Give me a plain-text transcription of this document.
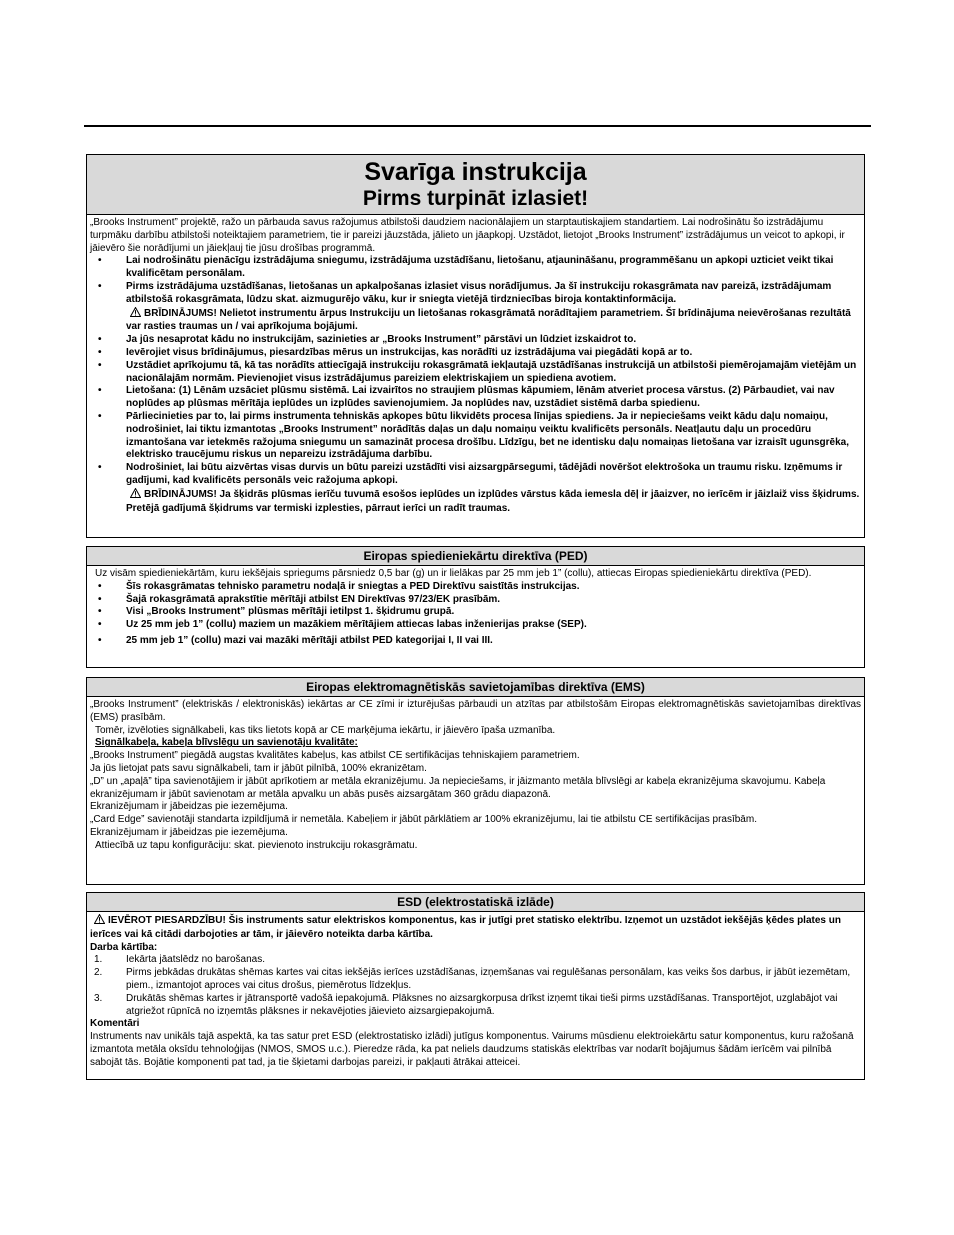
Svarīga instrukcija
Pirms turpināt izlasiet!

„Brooks Instrument” projektē, ražo un pārbauda savus ražojumus atbilstoši daudziem nacionālajiem un starptautiskajiem standartiem. Lai nodrošinātu šo izstrādājumu turpmāku darbību atbilstoši noteiktajiem parametriem, tie ir pareizi jāuzstāda, jālieto un jāapkopj. Uzstādot, lietojot „Brooks Instrument” izstrādājumus un veicot to apkopi, ir jāievēro šie norādījumi un jāiekļauj tie jūsu drošības programmā.

• Lai nodrošinātu pienācīgu izstrādājuma sniegumu, izstrādājuma uzstādīšanu, lietošanu, atjaunināšanu, programmēšanu un apkopi uzticiet veikt tikai kvalificētam personālam.
• Pirms izstrādājuma uzstādīšanas, lietošanas un apkalpošanas izlasiet visus norādījumus. Ja šī instrukciju rokasgrāmata nav pareizā, izstrādājumam atbilstošā rokasgrāmata, lūdzu skat. aizmugurējo vāku, kur ir sniegta vietējā tirdzniecības biroja kontaktinformācija.
BRĪDINĀJUMS! Nelietot instrumentu ārpus Instrukciju un lietošanas rokasgrāmatā norādītajiem parametriem. Šī brīdinājuma neievērošanas rezultātā var rasties traumas un / vai aprīkojuma bojājumi.
• Ja jūs nesaprotat kādu no instrukcijām, sazinieties ar „Brooks Instrument” pārstāvi un lūdziet izskaidrot to.
• Ievērojiet visus brīdinājumus, piesardzības mērus un instrukcijas, kas norādīti uz izstrādājuma vai piegādāti kopā ar to.
• Uzstādiet aprīkojumu tā, kā tas norādīts attiecīgajā instrukciju rokasgrāmatā iekļautajā uzstādīšanas instrukcijā un atbilstoši piemērojamajām vietējām un nacionālajām normām. Pievienojiet visus izstrādājumus pareiziem elektriskajiem un spiediena avotiem.
• Lietošana: (1) Lēnām uzsāciet plūsmu sistēmā. Lai izvairītos no straujiem plūsmas kāpumiem, lēnām atveriet procesa vārstus. (2) Pārbaudiet, vai nav noplūdes ap plūsmas mērītāja ieplūdes un izplūdes savienojumiem. Ja noplūdes nav, uzstādiet sistēmā darba spiedienu.
• Pārliecinieties par to, lai pirms instrumenta tehniskās apkopes būtu likvidēts procesa līnijas spiediens. Ja ir nepieciešams veikt kādu daļu nomaiņu, nodrošiniet, lai tiktu izmantotas „Brooks Instrument” norādītās daļas un daļu nomaiņu veiktu kvalificēts personāls. Neatļautu daļu un procedūru izmantošana var ietekmēs ražojuma sniegumu un samazināt procesa drošību. Līdzīgu, bet ne identisku daļu nomaiņas lietošana var izraisīt ugunsgrēka, elektrisko traucējumu riskus un nepareizu izstrādājuma darbību.
• Nodrošiniet, lai būtu aizvērtas visas durvis un būtu pareizi uzstādīti visi aizsargpārsegumi, tādējādi novēršot elektrošoka un traumu risku. Izņēmums ir gadījumi, kad kvalificēts personāls veic ražojuma apkopi.
BRĪDINĀJUMS! Ja šķidrās plūsmas ierīču tuvumā esošos ieplūdes un izplūdes vārstus kāda iemesla dēļ ir jāaizver, no ierīcēm ir jāizlaiž viss šķidrums. Pretējā gadījumā šķidrums var termiski izplesties, pārraut ierīci un radīt traumas.
Eiropas spiedieniekārtu direktīva (PED)

Uz visām spiedieniekārtām, kuru iekšējais spriegums pārsniedz 0,5 bar (g) un ir lielākas par 25 mm jeb 1” (collu), attiecas Eiropas spiedieniekārtu direktīva (PED).

• Šīs rokasgrāmatas tehnisko parametru nodaļā ir sniegtas a PED Direktīvu saistītās instrukcijas.
• Šajā rokasgrāmatā aprakstītie mērītāji atbilst EN Direktīvas 97/23/EK prasībām.
• Visi „Brooks Instrument” plūsmas mērītāji ietilpst 1. šķidrumu grupā.
• Uz 25 mm jeb 1” (collu) maziem un mazākiem mērītājiem attiecas labas inženierijas prakse (SEP).
• 25 mm jeb 1” (collu) mazi vai mazāki mērītāji atbilst PED kategorijai I, II vai III.
Eiropas elektromagnētiskās savietojamības direktīva (EMS)

„Brooks Instrument” (elektriskās / elektroniskās) iekārtas ar CE zīmi ir izturējušas pārbaudi un atzītas par atbilstošām Eiropas elektromagnētiskās savietojamības direktīvas (EMS) prasībām.

Tomēr, izvēloties signālkabeli, kas tiks lietots kopā ar CE marķējuma iekārtu, ir jāievēro īpaša uzmanība.

Signālkabeļa, kabeļa blīvslēgu un savienotāju kvalitāte:

„Brooks Instrument” piegādā augstas kvalitātes kabeļus, kas atbilst CE sertifikācijas tehniskajiem parametriem.

Ja jūs lietojat pats savu signālkabeli, tam ir jābūt pilnībā, 100% ekranizētam.

„D” un „apaļā” tipa savienotājiem ir jābūt aprīkotiem ar metāla ekranizējumu. Ja nepieciešams, ir jāizmanto metāla blīvslēgi ar kabeļa ekranizējuma skavojumu. Kabeļa ekranizējumam ir jābūt savienotam ar metāla apvalku un abās pusēs aizsargātam 360 grādu diapazonā.

Ekranizējumam ir jābeidzas pie iezemējuma.

„Card Edge” savienotāji standarta izpildījumā ir nemetāla. Kabeļiem ir jābūt pārklātiem ar 100% ekranizējumu, lai tie atbilstu CE sertifikācijas prasībām.

Ekranizējumam ir jābeidzas pie iezemējuma.

Attiecībā uz tapu konfigurāciju: skat. pievienoto instrukciju rokasgrāmatu.

ESD (elektrostatiskā izlāde)
IEVĒROT PIESARDZĪBU! Šis instruments satur elektriskos komponentus, kas ir jutīgi pret statisko elektrību. Izņemot un uzstādot iekšējās ķēdes plates un ierīces vai kā citādi darbojoties ar tām, ir jāievēro noteikta darba kārtība.

Darba kārtība:

1. Iekārta jāatslēdz no barošanas.
2. Pirms jebkādas drukātas shēmas kartes vai citas iekšējās ierīces uzstādīšanas, izņemšanas vai regulēšanas personālam, kas veiks šos darbus, ir jābūt iezemētam, piem., izmantojot aproces vai citus drošus, piemērotus līdzekļus.
3. Drukātās shēmas kartes ir jātransportē vadošā iepakojumā. Plāksnes no aizsargkorpusa drīkst izņemt tikai tieši pirms uzstādīšanas. Transportējot, uzglabājot vai atgriežot rūpnīcā no izņemtās plāksnes ir nekavējoties jāievieto aizsargiepakojumā.

Komentāri

Instruments nav unikāls tajā aspektā, ka tas satur pret ESD (elektrostatisko izlādi) jutīgus komponentus. Vairums mūsdienu elektroiekārtu satur komponentus, kuru ražošanā izmantota metāla oksīdu tehnoloģijas (NMOS, SMOS u.c.). Pieredze rāda, ka pat neliels daudzums statiskās elektrības var nodarīt bojājumus šādām ierīcēm vai pilnībā sabojāt tās. Bojātie komponenti pat tad, ja tie šķietami darbojas pareizi, ir pakļauti ātrākai atteicei.
